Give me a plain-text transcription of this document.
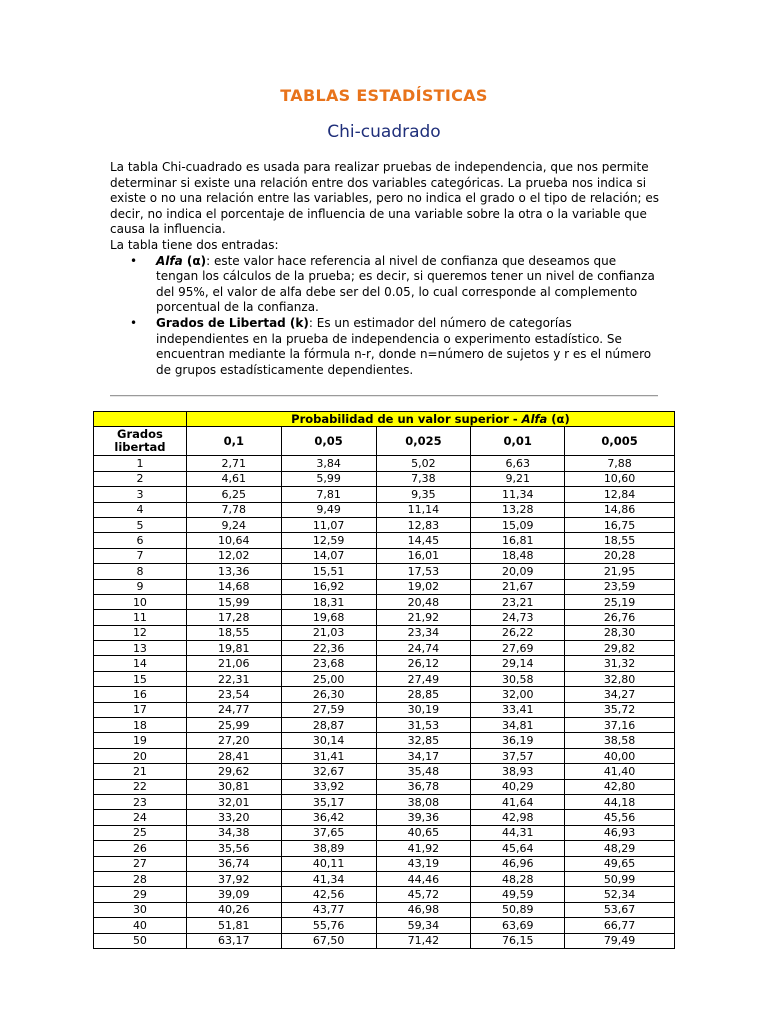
TABLAS ESTADÍSTICAS
Chi-cuadrado

La tabla Chi-cuadrado es usada para realizar pruebas de independencia, que nos permite determinar si existe una relación entre dos variables categóricas. La prueba nos indica si existe o no una relación entre las variables, pero no indica el grado o el tipo de relación; es decir, no indica el porcentaje de influencia de una variable sobre la otra o la variable que causa la influencia.

La tabla tiene dos entradas:

• Alfa (α): este valor hace referencia al nivel de confianza que deseamos que tengan los cálculos de la prueba; es decir, si queremos tener un nivel de confianza del 95%, el valor de alfa debe ser del 0.05, lo cual corresponde al complemento porcentual de la confianza.
• Grados de Libertad (k): Es un estimador del número de categorías independientes en la prueba de independencia o experimento estadístico. Se encuentran mediante la fórmula n-r, donde n=número de sujetos y r es el número de grupos estadísticamente dependientes.
	Probabilidad de un valor superior - Alfa (α)				
Grados
libertad	0,1	0,05	0,025	0,01	0,005
1	2,71	3,84	5,02	6,63	7,88
2	4,61	5,99	7,38	9,21	10,60
3	6,25	7,81	9,35	11,34	12,84
4	7,78	9,49	11,14	13,28	14,86
5	9,24	11,07	12,83	15,09	16,75
6	10,64	12,59	14,45	16,81	18,55
7	12,02	14,07	16,01	18,48	20,28
8	13,36	15,51	17,53	20,09	21,95
9	14,68	16,92	19,02	21,67	23,59
10	15,99	18,31	20,48	23,21	25,19
11	17,28	19,68	21,92	24,73	26,76
12	18,55	21,03	23,34	26,22	28,30
13	19,81	22,36	24,74	27,69	29,82
14	21,06	23,68	26,12	29,14	31,32
15	22,31	25,00	27,49	30,58	32,80
16	23,54	26,30	28,85	32,00	34,27
17	24,77	27,59	30,19	33,41	35,72
18	25,99	28,87	31,53	34,81	37,16
19	27,20	30,14	32,85	36,19	38,58
20	28,41	31,41	34,17	37,57	40,00
21	29,62	32,67	35,48	38,93	41,40
22	30,81	33,92	36,78	40,29	42,80
23	32,01	35,17	38,08	41,64	44,18
24	33,20	36,42	39,36	42,98	45,56
25	34,38	37,65	40,65	44,31	46,93
26	35,56	38,89	41,92	45,64	48,29
27	36,74	40,11	43,19	46,96	49,65
28	37,92	41,34	44,46	48,28	50,99
29	39,09	42,56	45,72	49,59	52,34
30	40,26	43,77	46,98	50,89	53,67
40	51,81	55,76	59,34	63,69	66,77
50	63,17	67,50	71,42	76,15	79,49
